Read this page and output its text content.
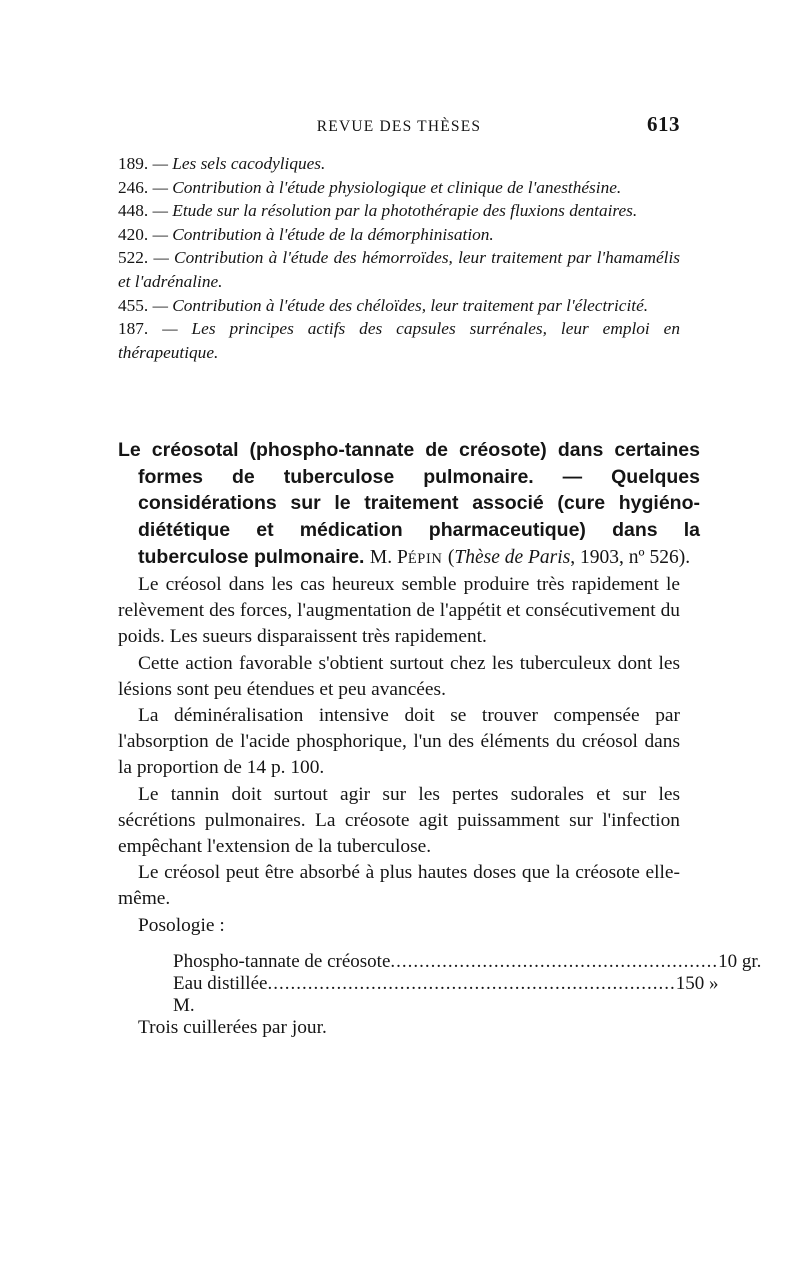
REVUE DES THÈSES	613
189. — Les sels cacodyliques.
246. — Contribution à l'étude physiologique et clinique de l'anesthésine.
448. — Etude sur la résolution par la photothérapie des fluxions dentaires.
420. — Contribution à l'étude de la démorphinisation.
522. — Contribution à l'étude des hémorroïdes, leur traitement par l'hamamélis et l'adrénaline.
455. — Contribution à l'étude des chéloïdes, leur traitement par l'électricité.
187. — Les principes actifs des capsules surrénales, leur emploi en thérapeutique.
Le créosotal (phospho-tannate de créosote) dans certaines formes de tuberculose pulmonaire. — Quelques considérations sur le traitement associé (cure hygiéno-diététique et médication pharmaceutique) dans la tuberculose pulmonaire. M. PÉPIN (Thèse de Paris, 1903, nº 526).

Le créosol dans les cas heureux semble produire très rapidement le relèvement des forces, l'augmentation de l'appétit et consécutivement du poids. Les sueurs disparaissent très rapidement.

Cette action favorable s'obtient surtout chez les tuberculeux dont les lésions sont peu étendues et peu avancées.

La déminéralisation intensive doit se trouver compensée par l'absorption de l'acide phosphorique, l'un des éléments du créosol dans la proportion de 14 p. 100.

Le tannin doit surtout agir sur les pertes sudorales et sur les sécrétions pulmonaires. La créosote agit puissamment sur l'infection empêchant l'extension de la tuberculose.

Le créosol peut être absorbé à plus hautes doses que la créosote elle-même.

Posologie :

Phospho-tannate de créosote ......................................................... 10 gr.
Eau distillée ....................................................................... 150 »
M.
Trois cuillerées par jour.
